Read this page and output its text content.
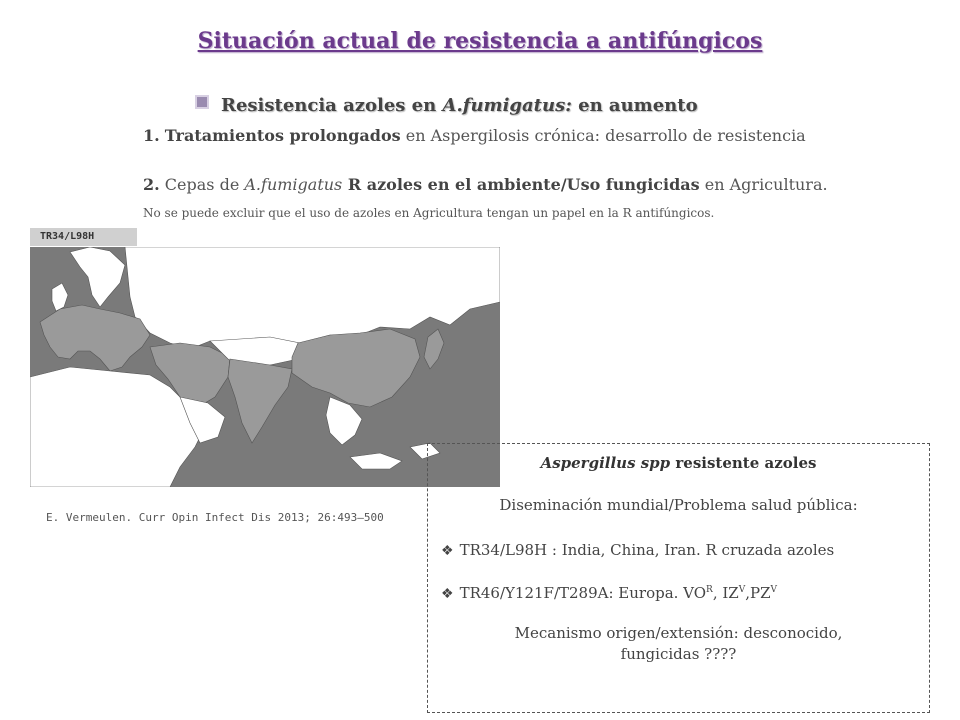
Situación actual de resistencia a antifúngicos
Resistencia azoles en A.fumigatus: en aumento
1. Tratamientos prolongados en Aspergilosis crónica: desarrollo de resistencia
2. Cepas de A.fumigatus R azoles en el ambiente/Uso fungicidas en Agricultura.
No se puede excluir que el uso de azoles en Agricultura tengan un papel en la R antifúngicos.
TR34/L98H
E. Vermeulen. Curr Opin Infect Dis 2013; 26:493–500
Aspergillus spp resistente azoles
Diseminación mundial/Problema salud pública:
❖ TR34/L98H : India, China, Iran. R cruzada azoles
❖ TR46/Y121F/T289A: Europa. $VO^R$, $IZ^V,PZ^V$
Mecanismo origen/extensión: desconocido,
fungicidas ????
